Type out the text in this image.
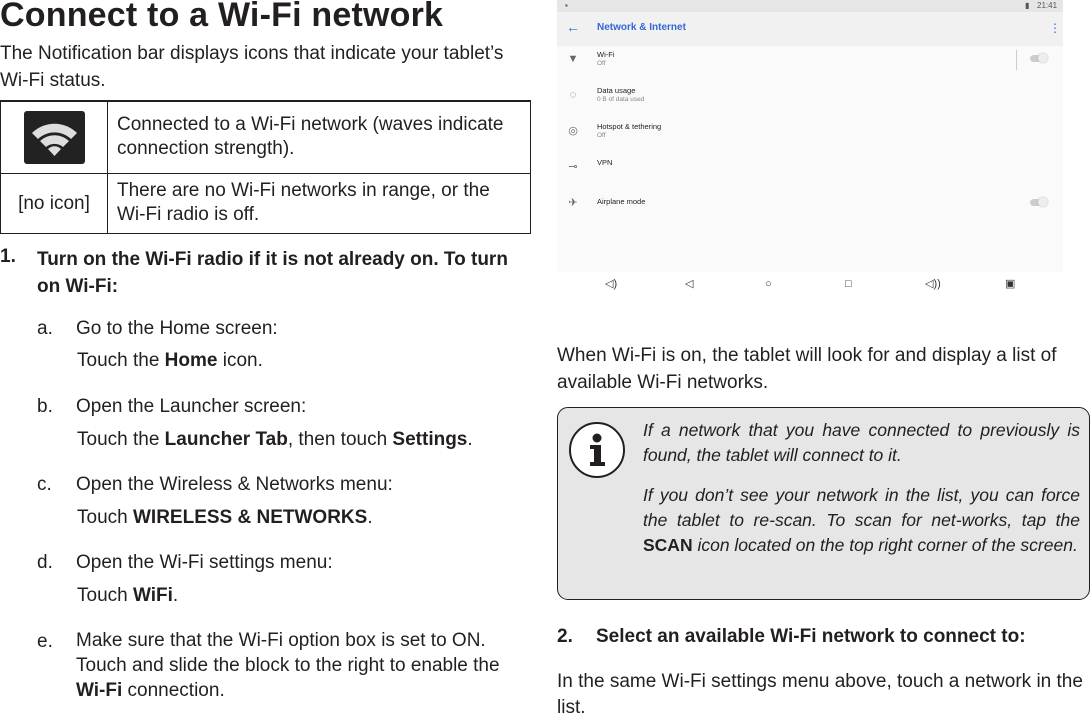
Connect to a Wi-Fi network
The Notification bar displays icons that indicate your tablet’s Wi-Fi status.
	Connected to a Wi-Fi network (waves indicate connection strength).
[no icon]	There are no Wi-Fi networks in range, or the Wi-Fi radio is off.
1. Turn on the Wi-Fi radio if it is not already on. To turn on Wi-Fi:
a. Go to the Home screen:
Touch the Home icon.
b. Open the Launcher screen:
Touch the Launcher Tab, then touch Settings.
c. Open the Wireless & Networks menu:
Touch WIRELESS & NETWORKS.
d. Open the Wi-Fi settings menu:
Touch WiFi.
e. Make sure that the Wi-Fi option box is set to ON. Touch and slide the block to the right to enable the Wi-Fi connection.
▪	▮ 21:41
← Network & Internet	⋮
▼ Wi-Fi
Off
◌	Data usage
0 B of data used
◎	Hotspot & tethering
Off
⊸	VPN
✈	Airplane mode
◁)	◁	○	□	◁))	▣
When Wi-Fi is on, the tablet will look for and display a list of available Wi-Fi networks.

If a network that you have connected to previously is found, the tablet will connect to it.

If you don’t see your network in the list, you can force the tablet to re-scan. To scan for net-works, tap the SCAN icon located on the top right corner of the screen.

2. Select an available Wi-Fi network to connect to:
In the same Wi-Fi settings menu above, touch a network in the list.
